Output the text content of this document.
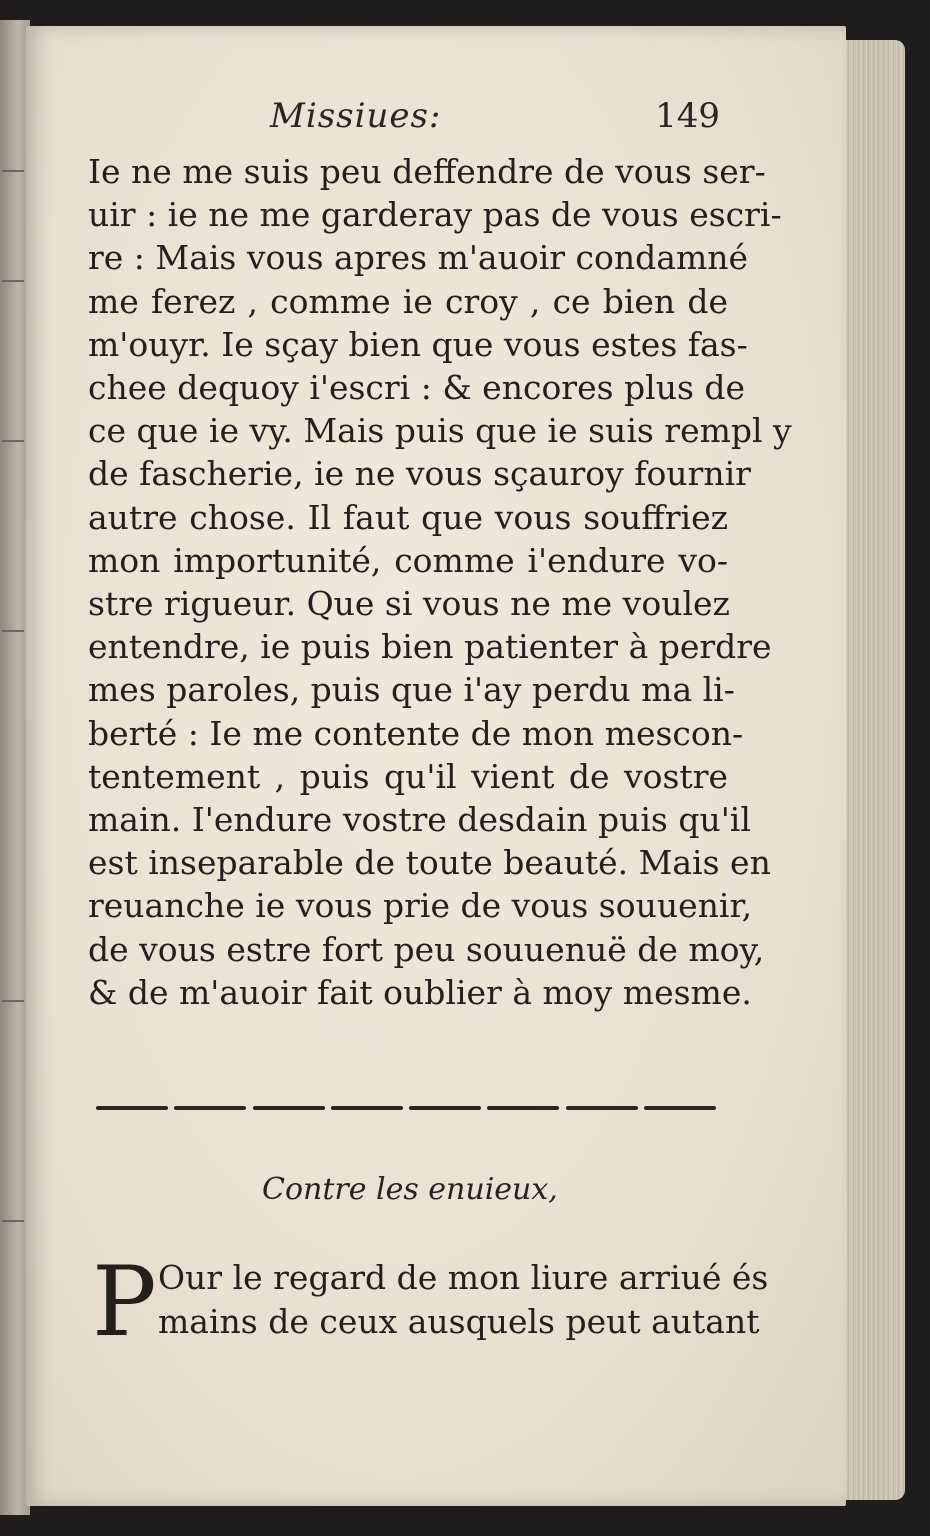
Missiues:	149
Ie ne me suis peu deffendre de vous ser-
uir : ie ne me garderay pas de vous escri-
re : Mais vous apres m'auoir condamné
me ferez , comme ie croy , ce bien de
m'ouyr. Ie sçay bien que vous estes fas-
chee dequoy i'escri : & encores plus de
ce que ie vy. Mais puis que ie suis rempl y
de fascherie, ie ne vous sçauroy fournir
autre chose. Il faut que vous souffriez
mon importunité, comme i'endure vo-
stre rigueur. Que si vous ne me voulez
entendre, ie puis bien patienter à perdre
mes paroles, puis que i'ay perdu ma li-
berté : Ie me contente de mon mescon-
tentement , puis qu'il vient de vostre
main. I'endure vostre desdain puis qu'il
est inseparable de toute beauté. Mais en
reuanche ie vous prie de vous souuenir,
de vous estre fort peu souuenuë de moy,
& de m'auoir fait oublier à moy mesme.
Contre les enuieux,
P Our le regard de mon liure arriué és
mains de ceux ausquels peut autant
